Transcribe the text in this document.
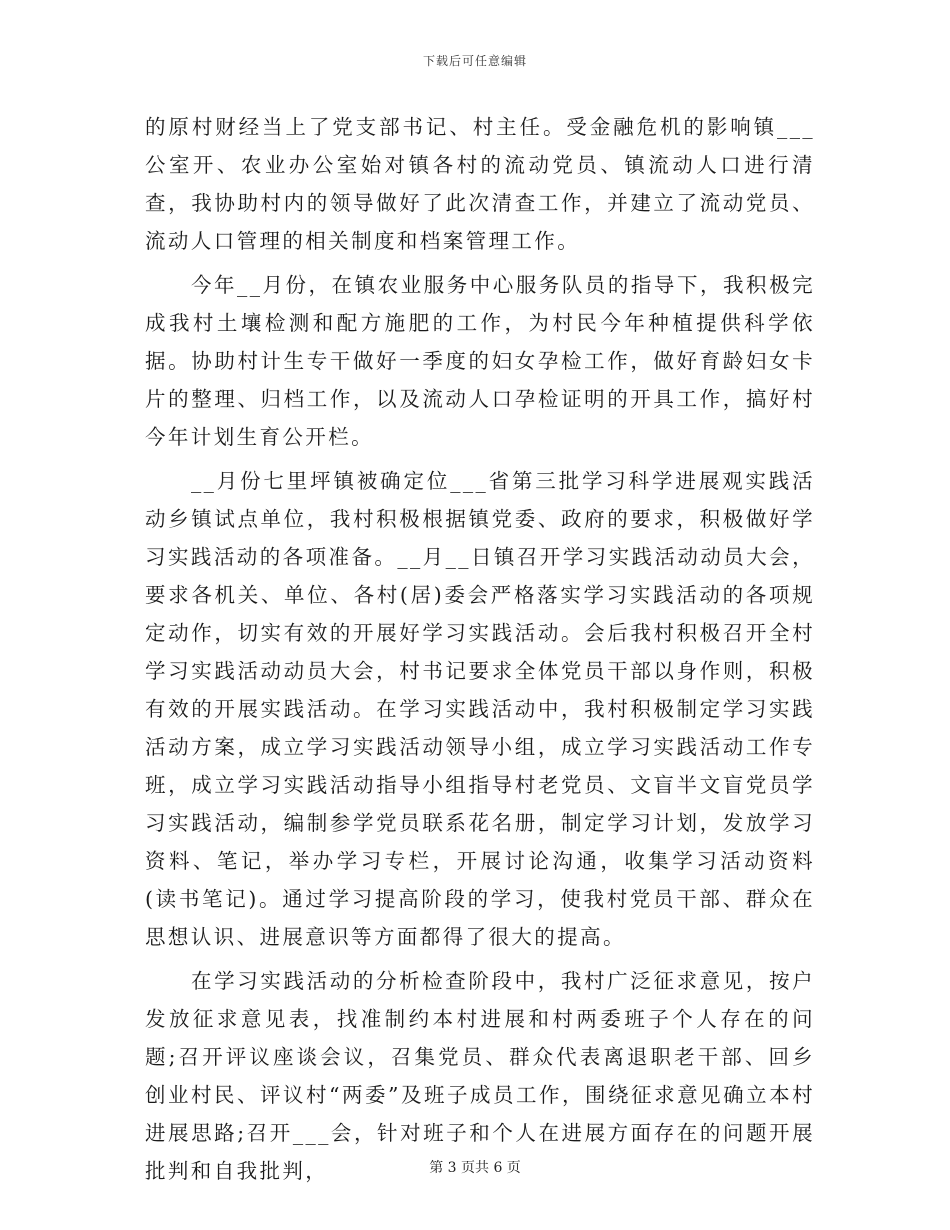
下载后可任意编辑

的原村财经当上了党支部书记、村主任。受金融危机的影响镇___公室开、农业办公室始对镇各村的流动党员、镇流动人口进行清查，我协助村内的领导做好了此次清查工作，并建立了流动党员、流动人口管理的相关制度和档案管理工作。

今年__月份，在镇农业服务中心服务队员的指导下，我积极完成我村土壤检测和配方施肥的工作，为村民今年种植提供科学依据。协助村计生专干做好一季度的妇女孕检工作，做好育龄妇女卡片的整理、归档工作，以及流动人口孕检证明的开具工作，搞好村今年计划生育公开栏。

__月份七里坪镇被确定位___省第三批学习科学进展观实践活动乡镇试点单位，我村积极根据镇党委、政府的要求，积极做好学习实践活动的各项准备。__月__日镇召开学习实践活动动员大会，要求各机关、单位、各村(居)委会严格落实学习实践活动的各项规定动作，切实有效的开展好学习实践活动。会后我村积极召开全村学习实践活动动员大会，村书记要求全体党员干部以身作则，积极有效的开展实践活动。在学习实践活动中，我村积极制定学习实践活动方案，成立学习实践活动领导小组，成立学习实践活动工作专班，成立学习实践活动指导小组指导村老党员、文盲半文盲党员学习实践活动，编制参学党员联系花名册，制定学习计划，发放学习资料、笔记，举办学习专栏，开展讨论沟通，收集学习活动资料(读书笔记)。通过学习提高阶段的学习，使我村党员干部、群众在思想认识、进展意识等方面都得了很大的提高。

在学习实践活动的分析检查阶段中，我村广泛征求意见，按户发放征求意见表，找准制约本村进展和村两委班子个人存在的问题;召开评议座谈会议，召集党员、群众代表离退职老干部、回乡创业村民、评议村“两委”及班子成员工作，围绕征求意见确立本村进展思路;召开___会，针对班子和个人在进展方面存在的问题开展批判和自我批判，	第 3 页共 6 页
